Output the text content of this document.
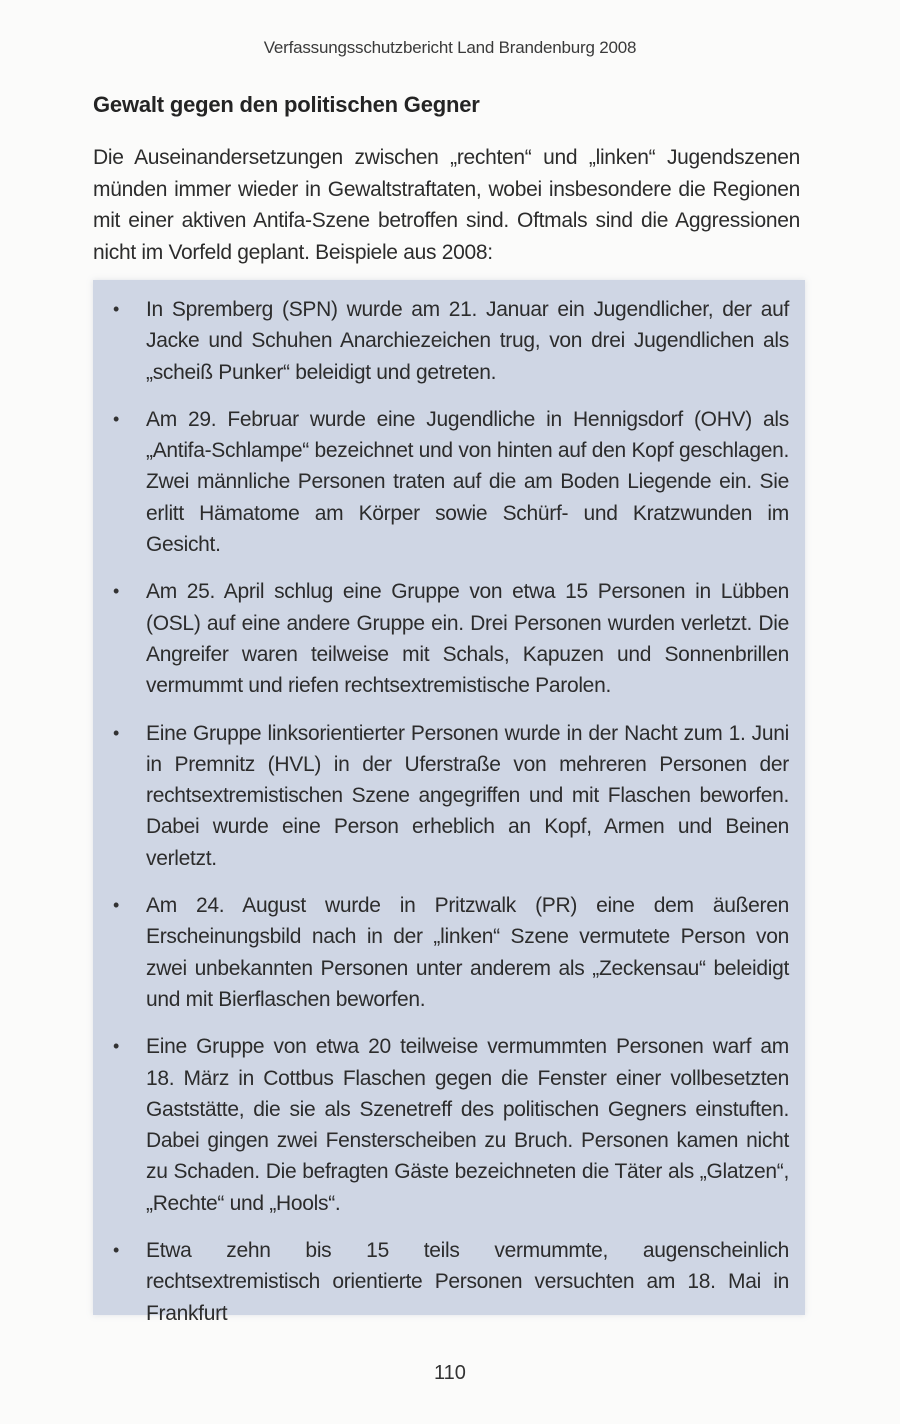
Verfassungsschutzbericht Land Brandenburg 2008
Gewalt gegen den politischen Gegner

Die Auseinandersetzungen zwischen „rechten“ und „linken“ Jugendszenen münden immer wieder in Gewaltstraftaten, wobei insbesondere die Regionen mit einer aktiven Antifa-Szene betroffen sind. Oftmals sind die Aggressionen nicht im Vorfeld geplant. Beispiele aus 2008:

• In Spremberg (SPN) wurde am 21. Januar ein Jugendlicher, der auf Jacke und Schuhen Anarchiezeichen trug, von drei Jugendlichen als „scheiß Punker“ beleidigt und getreten.
• Am 29. Februar wurde eine Jugendliche in Hennigsdorf (OHV) als „Antifa-Schlampe“ bezeichnet und von hinten auf den Kopf geschlagen. Zwei männliche Personen traten auf die am Boden Liegende ein. Sie erlitt Hämatome am Körper sowie Schürf- und Kratzwunden im Gesicht.
• Am 25. April schlug eine Gruppe von etwa 15 Personen in Lübben (OSL) auf eine andere Gruppe ein. Drei Personen wurden verletzt. Die Angreifer waren teilweise mit Schals, Kapuzen und Sonnenbrillen vermummt und riefen rechtsextremistische Parolen.
• Eine Gruppe linksorientierter Personen wurde in der Nacht zum 1. Juni in Premnitz (HVL) in der Uferstraße von mehreren Personen der rechtsextremistischen Szene angegriffen und mit Flaschen beworfen. Dabei wurde eine Person erheblich an Kopf, Armen und Beinen verletzt.
• Am 24. August wurde in Pritzwalk (PR) eine dem äußeren Erscheinungsbild nach in der „linken“ Szene vermutete Person von zwei unbekannten Personen unter anderem als „Zeckensau“ beleidigt und mit Bierflaschen beworfen.
• Eine Gruppe von etwa 20 teilweise vermummten Personen warf am 18. März in Cottbus Flaschen gegen die Fenster einer vollbesetzten Gaststätte, die sie als Szenetreff des politischen Gegners einstuften. Dabei gingen zwei Fensterscheiben zu Bruch. Personen kamen nicht zu Schaden. Die befragten Gäste bezeichneten die Täter als „Glatzen“, „Rechte“ und „Hools“.
• Etwa zehn bis 15 teils vermummte, augenscheinlich rechtsextremistisch orientierte Personen versuchten am 18. Mai in Frankfurt
110
